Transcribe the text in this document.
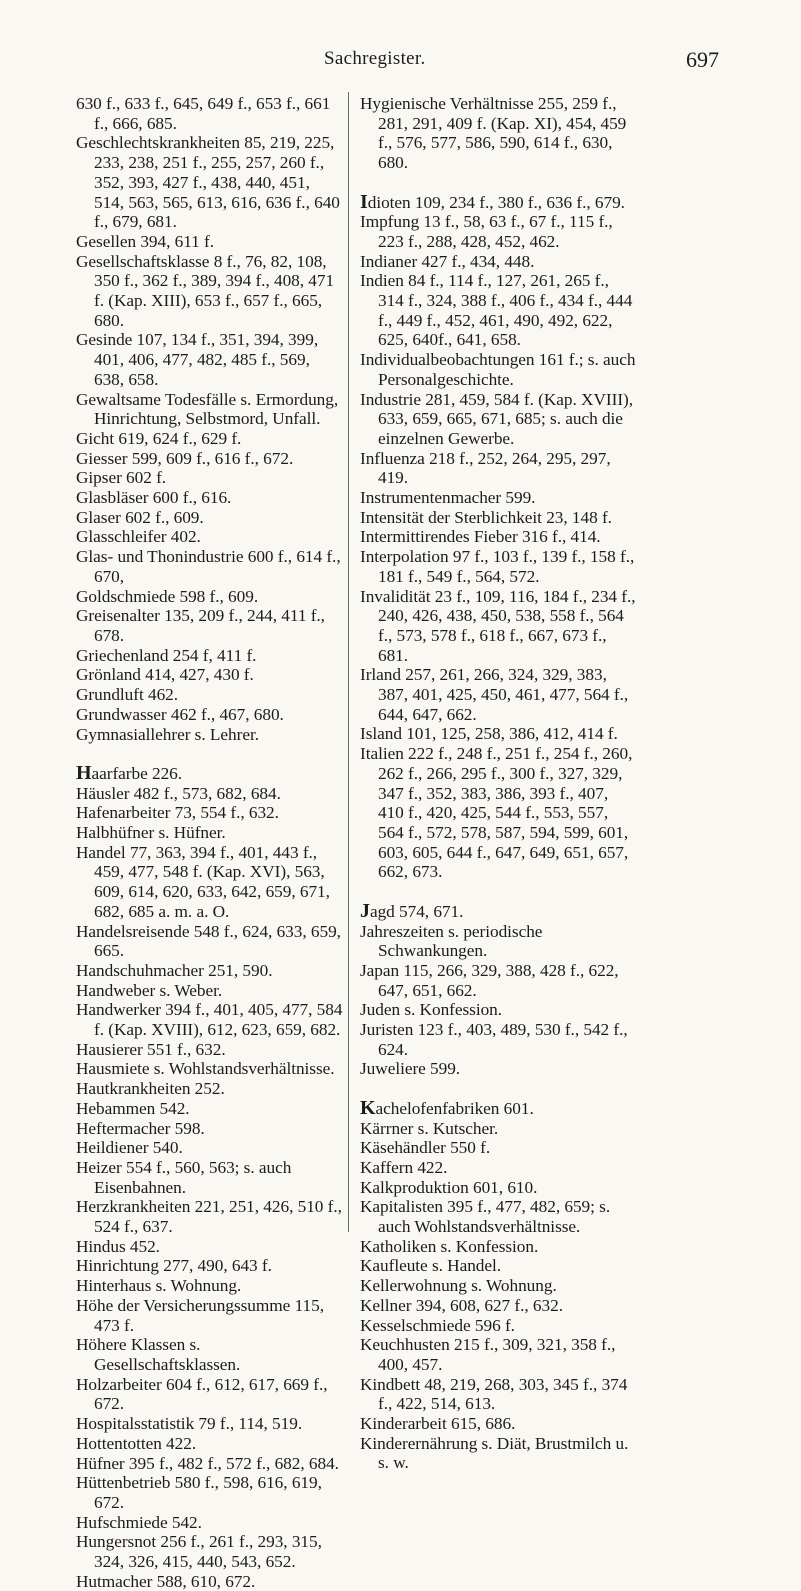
Sachregister.	697

630 f., 633 f., 645, 649 f., 653 f., 661 f., 666, 685.

Geschlechtskrankheiten 85, 219, 225, 233, 238, 251 f., 255, 257, 260 f., 352, 393, 427 f., 438, 440, 451, 514, 563, 565, 613, 616, 636 f., 640 f., 679, 681.

Gesellen 394, 611 f.

Gesellschaftsklasse 8 f., 76, 82, 108, 350 f., 362 f., 389, 394 f., 408, 471 f. (Kap. XIII), 653 f., 657 f., 665, 680.

Gesinde 107, 134 f., 351, 394, 399, 401, 406, 477, 482, 485 f., 569, 638, 658.

Gewaltsame Todesfälle s. Ermordung, Hinrichtung, Selbstmord, Unfall.

Gicht 619, 624 f., 629 f.

Giesser 599, 609 f., 616 f., 672.

Gipser 602 f.

Glasbläser 600 f., 616.

Glaser 602 f., 609.

Glasschleifer 402.

Glas- und Thonindustrie 600 f., 614 f., 670,

Goldschmiede 598 f., 609.

Greisenalter 135, 209 f., 244, 411 f., 678.

Griechenland 254 f, 411 f.

Grönland 414, 427, 430 f.

Grundluft 462.

Grundwasser 462 f., 467, 680.

Gymnasiallehrer s. Lehrer.

Haarfarbe 226.

Häusler 482 f., 573, 682, 684.

Hafenarbeiter 73, 554 f., 632.

Halbhüfner s. Hüfner.

Handel 77, 363, 394 f., 401, 443 f., 459, 477, 548 f. (Kap. XVI), 563, 609, 614, 620, 633, 642, 659, 671, 682, 685 a. m. a. O.

Handelsreisende 548 f., 624, 633, 659, 665.

Handschuhmacher 251, 590.

Handweber s. Weber.

Handwerker 394 f., 401, 405, 477, 584 f. (Kap. XVIII), 612, 623, 659, 682.

Hausierer 551 f., 632.

Hausmiete s. Wohlstandsverhältnisse.

Hautkrankheiten 252.

Hebammen 542.

Heftermacher 598.

Heildiener 540.

Heizer 554 f., 560, 563; s. auch Eisenbahnen.

Herzkrankheiten 221, 251, 426, 510 f., 524 f., 637.

Hindus 452.

Hinrichtung 277, 490, 643 f.

Hinterhaus s. Wohnung.

Höhe der Versicherungssumme 115, 473 f.

Höhere Klassen s. Gesellschaftsklassen.

Holzarbeiter 604 f., 612, 617, 669 f., 672.

Hospitalsstatistik 79 f., 114, 519.

Hottentotten 422.

Hüfner 395 f., 482 f., 572 f., 682, 684.

Hüttenbetrieb 580 f., 598, 616, 619, 672.

Hufschmiede 542.

Hungersnot 256 f., 261 f., 293, 315, 324, 326, 415, 440, 543, 652.

Hutmacher 588, 610, 672.

Hygienische Verhältnisse 255, 259 f., 281, 291, 409 f. (Kap. XI), 454, 459 f., 576, 577, 586, 590, 614 f., 630, 680.

Idioten 109, 234 f., 380 f., 636 f., 679.

Impfung 13 f., 58, 63 f., 67 f., 115 f., 223 f., 288, 428, 452, 462.

Indianer 427 f., 434, 448.

Indien 84 f., 114 f., 127, 261, 265 f., 314 f., 324, 388 f., 406 f., 434 f., 444 f., 449 f., 452, 461, 490, 492, 622, 625, 640f., 641, 658.

Individualbeobachtungen 161 f.; s. auch Personalgeschichte.

Industrie 281, 459, 584 f. (Kap. XVIII), 633, 659, 665, 671, 685; s. auch die einzelnen Gewerbe.

Influenza 218 f., 252, 264, 295, 297, 419.

Instrumentenmacher 599.

Intensität der Sterblichkeit 23, 148 f.

Intermittirendes Fieber 316 f., 414.

Interpolation 97 f., 103 f., 139 f., 158 f., 181 f., 549 f., 564, 572.

Invalidität 23 f., 109, 116, 184 f., 234 f., 240, 426, 438, 450, 538, 558 f., 564 f., 573, 578 f., 618 f., 667, 673 f., 681.

Irland 257, 261, 266, 324, 329, 383, 387, 401, 425, 450, 461, 477, 564 f., 644, 647, 662.

Island 101, 125, 258, 386, 412, 414 f.

Italien 222 f., 248 f., 251 f., 254 f., 260, 262 f., 266, 295 f., 300 f., 327, 329, 347 f., 352, 383, 386, 393 f., 407, 410 f., 420, 425, 544 f., 553, 557, 564 f., 572, 578, 587, 594, 599, 601, 603, 605, 644 f., 647, 649, 651, 657, 662, 673.

Jagd 574, 671.

Jahreszeiten s. periodische Schwankungen.

Japan 115, 266, 329, 388, 428 f., 622, 647, 651, 662.

Juden s. Konfession.

Juristen 123 f., 403, 489, 530 f., 542 f., 624.

Juweliere 599.

Kachelofenfabriken 601.

Kärrner s. Kutscher.

Käsehändler 550 f.

Kaffern 422.

Kalkproduktion 601, 610.

Kapitalisten 395 f., 477, 482, 659; s. auch Wohlstandsverhältnisse.

Katholiken s. Konfession.

Kaufleute s. Handel.

Kellerwohnung s. Wohnung.

Kellner 394, 608, 627 f., 632.

Kesselschmiede 596 f.

Keuchhusten 215 f., 309, 321, 358 f., 400, 457.

Kindbett 48, 219, 268, 303, 345 f., 374 f., 422, 514, 613.

Kinderarbeit 615, 686.

Kinderernährung s. Diät, Brustmilch u. s. w.
